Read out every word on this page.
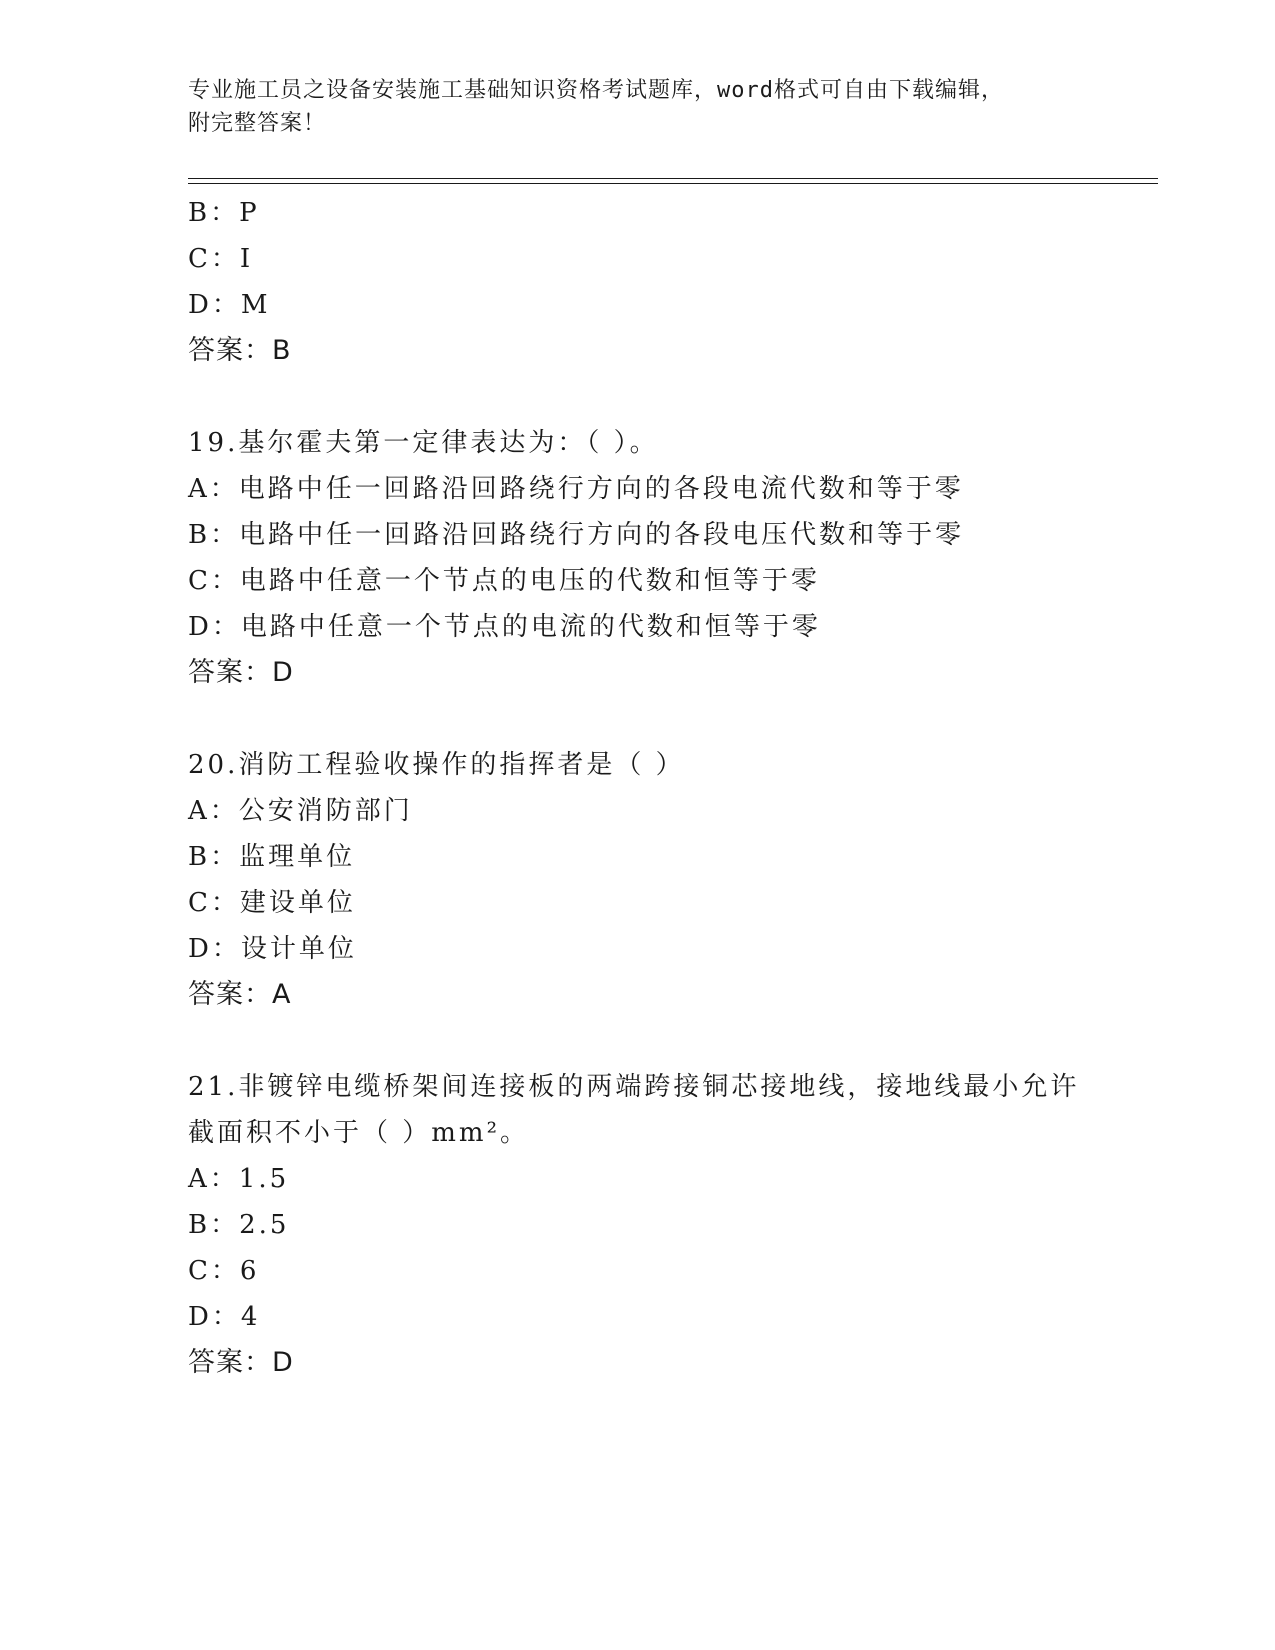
专业施工员之设备安装施工基础知识资格考试题库，word格式可自由下载编辑，
附完整答案！
B：P
C：I
D：M
答案：B
19.基尔霍夫第一定律表达为：（ ）。
A：电路中任一回路沿回路绕行方向的各段电流代数和等于零
B：电路中任一回路沿回路绕行方向的各段电压代数和等于零
C：电路中任意一个节点的电压的代数和恒等于零
D：电路中任意一个节点的电流的代数和恒等于零
答案：D
20.消防工程验收操作的指挥者是（ ）
A：公安消防部门
B：监理单位
C：建设单位
D：设计单位
答案：A
21.非镀锌电缆桥架间连接板的两端跨接铜芯接地线，接地线最小允许
截面积不小于（ ）mm²。
A：1.5
B：2.5
C：6
D：4
答案：D
